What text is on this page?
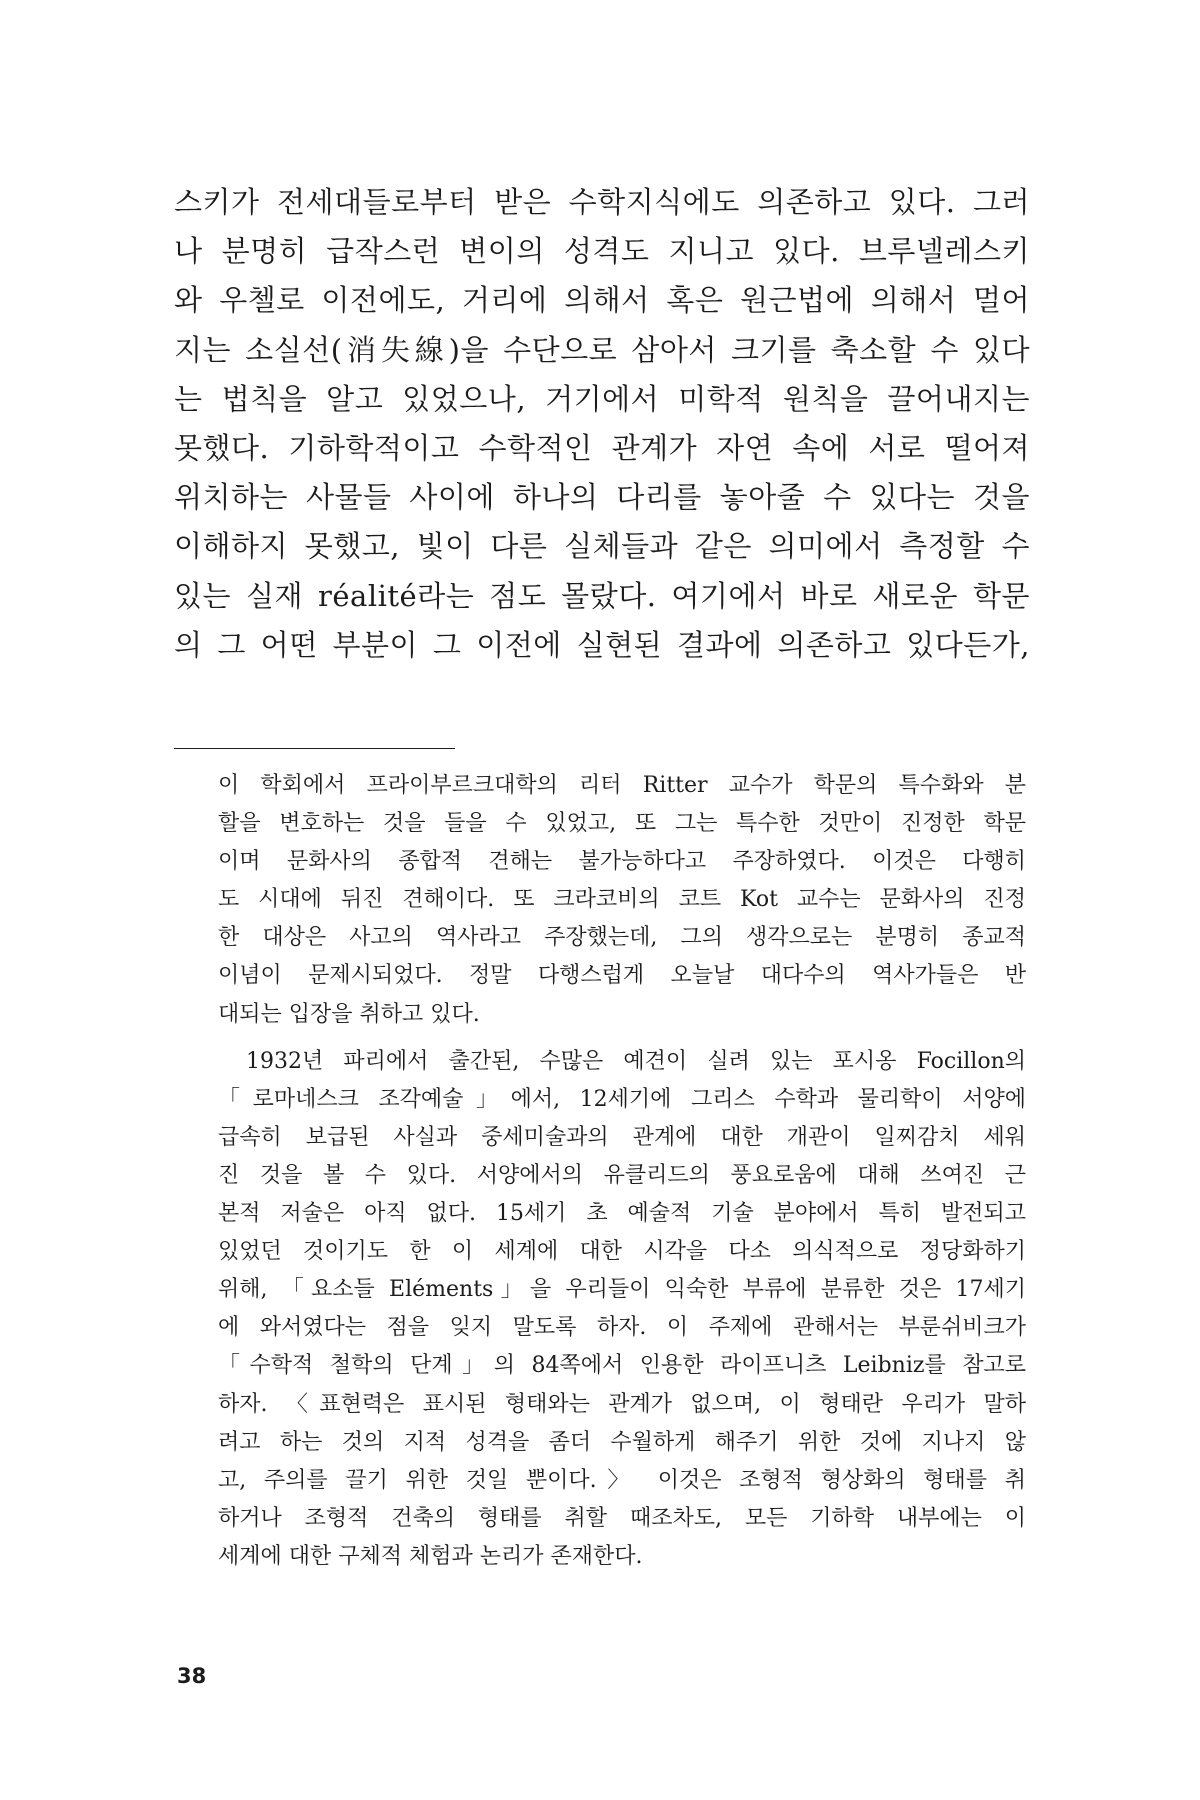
스키가 전세대들로부터 받은 수학지식에도 의존하고 있다. 그러
나 분명히 급작스런 변이의 성격도 지니고 있다. 브루넬레스키
와 우첼로 이전에도, 거리에 의해서 혹은 원근법에 의해서 멀어
지는 소실선(消失線)을 수단으로 삼아서 크기를 축소할 수 있다
는 법칙을 알고 있었으나, 거기에서 미학적 원칙을 끌어내지는
못했다. 기하학적이고 수학적인 관계가 자연 속에 서로 떨어져
위치하는 사물들 사이에 하나의 다리를 놓아줄 수 있다는 것을
이해하지 못했고, 빛이 다른 실체들과 같은 의미에서 측정할 수
있는 실재 réalité라는 점도 몰랐다. 여기에서 바로 새로운 학문
의 그 어떤 부분이 그 이전에 실현된 결과에 의존하고 있다든가,
이 학회에서 프라이부르크대학의 리터 Ritter 교수가 학문의 특수화와 분
할을 변호하는 것을 들을 수 있었고, 또 그는 특수한 것만이 진정한 학문
이며 문화사의 종합적 견해는 불가능하다고 주장하였다. 이것은 다행히
도 시대에 뒤진 견해이다. 또 크라코비의 코트 Kot 교수는 문화사의 진정
한 대상은 사고의 역사라고 주장했는데, 그의 생각으로는 분명히 종교적
이념이 문제시되었다. 정말 다행스럽게 오늘날 대다수의 역사가들은 반
대되는 입장을 취하고 있다.
1932년 파리에서 출간된, 수많은 예견이 실려 있는 포시옹 Focillon의
「로마네스크 조각예술」에서, 12세기에 그리스 수학과 물리학이 서양에
급속히 보급된 사실과 중세미술과의 관계에 대한 개관이 일찌감치 세워
진 것을 볼 수 있다. 서양에서의 유클리드의 풍요로움에 대해 쓰여진 근
본적 저술은 아직 없다. 15세기 초 예술적 기술 분야에서 특히 발전되고
있었던 것이기도 한 이 세계에 대한 시각을 다소 의식적으로 정당화하기
위해, 「요소들 Eléments」을 우리들이 익숙한 부류에 분류한 것은 17세기
에 와서였다는 점을 잊지 말도록 하자. 이 주제에 관해서는 부룬쉬비크가
「수학적 철학의 단계」의 84쪽에서 인용한 라이프니츠 Leibniz를 참고로
하자. 〈표현력은 표시된 형태와는 관계가 없으며, 이 형태란 우리가 말하
려고 하는 것의 지적 성격을 좀더 수월하게 해주기 위한 것에 지나지 않
고, 주의를 끌기 위한 것일 뿐이다.〉 이것은 조형적 형상화의 형태를 취
하거나 조형적 건축의 형태를 취할 때조차도, 모든 기하학 내부에는 이
세계에 대한 구체적 체험과 논리가 존재한다.
38
